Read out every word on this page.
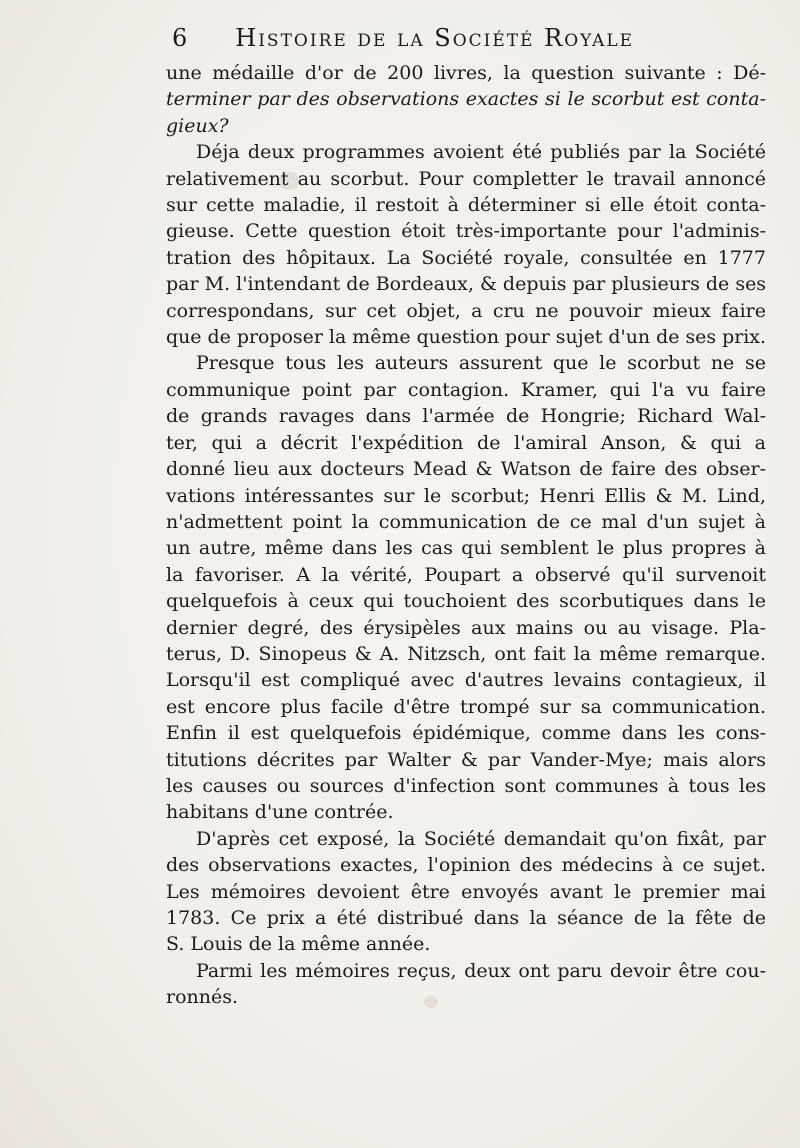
6 Histoire de la Société Royale
une médaille d'or de 200 livres, la question suivante : Dé-
terminer par des observations exactes si le scorbut est conta-
gieux?
Déja deux programmes avoient été publiés par la Société
relativement au scorbut. Pour completter le travail annoncé
sur cette maladie, il restoit à déterminer si elle étoit conta-
gieuse. Cette question étoit très-importante pour l'adminis-
tration des hôpitaux. La Société royale, consultée en 1777
par M. l'intendant de Bordeaux, & depuis par plusieurs de ses
correspondans, sur cet objet, a cru ne pouvoir mieux faire
que de proposer la même question pour sujet d'un de ses prix.
Presque tous les auteurs assurent que le scorbut ne se
communique point par contagion. Kramer, qui l'a vu faire
de grands ravages dans l'armée de Hongrie; Richard Wal-
ter, qui a décrit l'expédition de l'amiral Anson, & qui a
donné lieu aux docteurs Mead & Watson de faire des obser-
vations intéressantes sur le scorbut; Henri Ellis & M. Lind,
n'admettent point la communication de ce mal d'un sujet à
un autre, même dans les cas qui semblent le plus propres à
la favoriser. A la vérité, Poupart a observé qu'il survenoit
quelquefois à ceux qui touchoient des scorbutiques dans le
dernier degré, des érysipèles aux mains ou au visage. Pla-
terus, D. Sinopeus & A. Nitzsch, ont fait la même remarque.
Lorsqu'il est compliqué avec d'autres levains contagieux, il
est encore plus facile d'être trompé sur sa communication.
Enfin il est quelquefois épidémique, comme dans les cons-
titutions décrites par Walter & par Vander-Mye; mais alors
les causes ou sources d'infection sont communes à tous les
habitans d'une contrée.
D'après cet exposé, la Société demandait qu'on fixât, par
des observations exactes, l'opinion des médecins à ce sujet.
Les mémoires devoient être envoyés avant le premier mai
1783. Ce prix a été distribué dans la séance de la fête de
S. Louis de la même année.
Parmi les mémoires reçus, deux ont paru devoir être cou-
ronnés.
